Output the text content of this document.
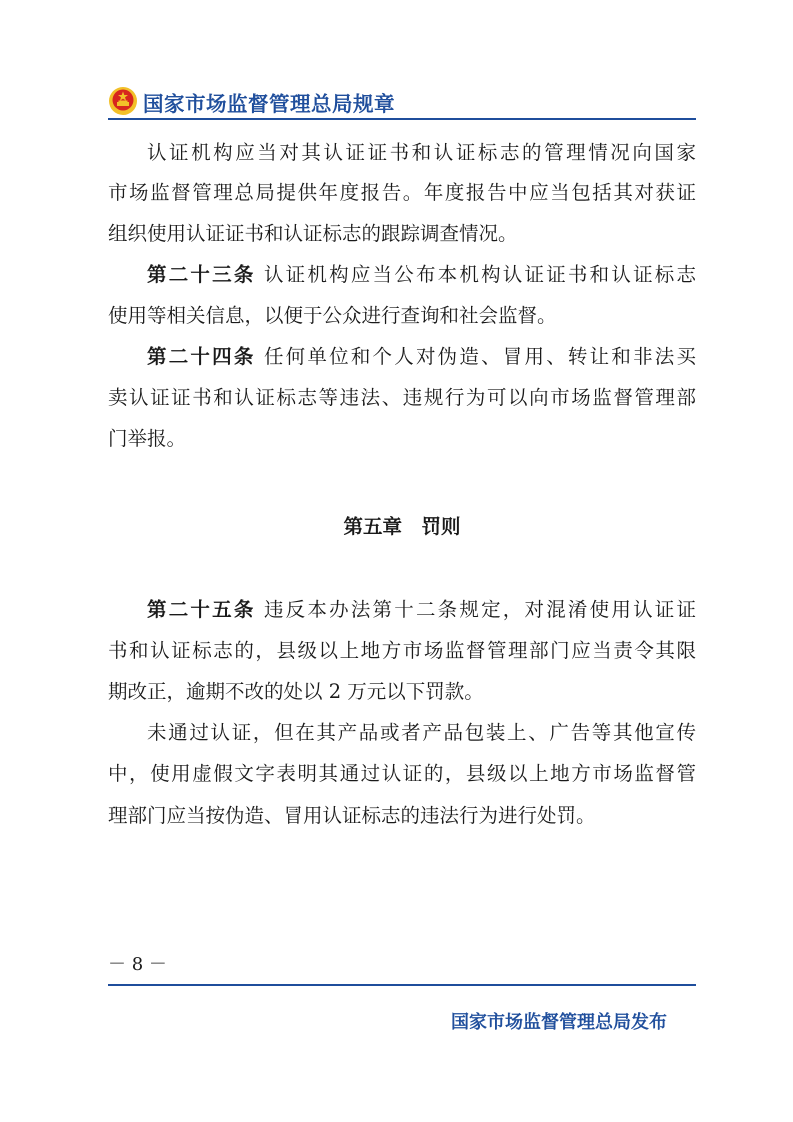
国家市场监督管理总局规章
认证机构应当对其认证证书和认证标志的管理情况向国家
市场监督管理总局提供年度报告。年度报告中应当包括其对获证
组织使用认证证书和认证标志的跟踪调查情况。
第二十三条 认证机构应当公布本机构认证证书和认证标志
使用等相关信息，以便于公众进行查询和社会监督。
第二十四条 任何单位和个人对伪造、冒用、转让和非法买
卖认证证书和认证标志等违法、违规行为可以向市场监督管理部
门举报。
第五章　罚则
第二十五条 违反本办法第十二条规定，对混淆使用认证证
书和认证标志的，县级以上地方市场监督管理部门应当责令其限
期改正，逾期不改的处以 2 万元以下罚款。
未通过认证，但在其产品或者产品包装上、广告等其他宣传
中，使用虚假文字表明其通过认证的，县级以上地方市场监督管
理部门应当按伪造、冒用认证标志的违法行为进行处罚。
－ 8 －
国家市场监督管理总局发布
